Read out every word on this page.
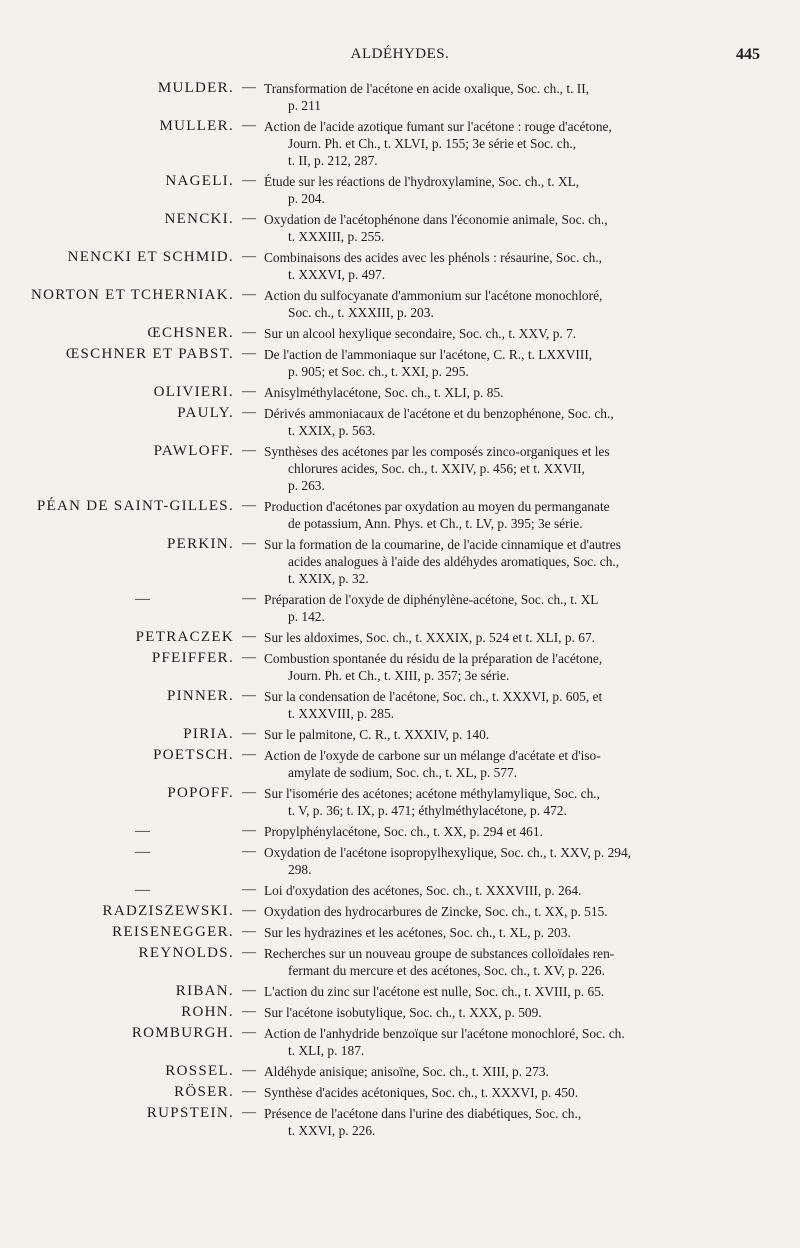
ALDÉHYDES.	445
MULDER. — Transformation de l'acétone en acide oxalique, Soc. ch., t. II,
p. 211
MULLER. — Action de l'acide azotique fumant sur l'acétone : rouge d'acétone,
Journ. Ph. et Ch., t. XLVI, p. 155; 3e série et Soc. ch.,
t. II, p. 212, 287.
NAGELI. — Étude sur les réactions de l'hydroxylamine, Soc. ch., t. XL,
p. 204.
NENCKI. — Oxydation de l'acétophénone dans l'économie animale, Soc. ch.,
t. XXXIII, p. 255.
NENCKI ET SCHMID. — Combinaisons des acides avec les phénols : résaurine, Soc. ch.,
t. XXXVI, p. 497.
NORTON ET TCHERNIAK. — Action du sulfocyanate d'ammonium sur l'acétone monochloré,
Soc. ch., t. XXXIII, p. 203.
ŒCHSNER. — Sur un alcool hexylique secondaire, Soc. ch., t. XXV, p. 7.
ŒSCHNER ET PABST. — De l'action de l'ammoniaque sur l'acétone, C. R., t. LXXVIII,
p. 905; et Soc. ch., t. XXI, p. 295.
OLIVIERI. — Anisylméthylacétone, Soc. ch., t. XLI, p. 85.
PAULY. — Dérivés ammoniacaux de l'acétone et du benzophénone, Soc. ch.,
t. XXIX, p. 563.
PAWLOFF. — Synthèses des acétones par les composés zinco-organiques et les
chlorures acides, Soc. ch., t. XXIV, p. 456; et t. XXVII,
p. 263.
PÉAN DE SAINT-GILLES. — Production d'acétones par oxydation au moyen du permanganate
de potassium, Ann. Phys. et Ch., t. LV, p. 395; 3e série.
PERKIN. — Sur la formation de la coumarine, de l'acide cinnamique et d'autres
acides analogues à l'aide des aldéhydes aromatiques, Soc. ch.,
t. XXIX, p. 32.
—	— Préparation de l'oxyde de diphénylène-acétone, Soc. ch., t. XL
p. 142.
PETRACZEK — Sur les aldoximes, Soc. ch., t. XXXIX, p. 524 et t. XLI, p. 67.
PFEIFFER. — Combustion spontanée du résidu de la préparation de l'acétone,
Journ. Ph. et Ch., t. XIII, p. 357; 3e série.
PINNER. — Sur la condensation de l'acétone, Soc. ch., t. XXXVI, p. 605, et
t. XXXVIII, p. 285.
PIRIA. — Sur le palmitone, C. R., t. XXXIV, p. 140.
POETSCH. — Action de l'oxyde de carbone sur un mélange d'acétate et d'iso-
amylate de sodium, Soc. ch., t. XL, p. 577.
POPOFF. — Sur l'isomérie des acétones; acétone méthylamylique, Soc. ch.,
t. V, p. 36; t. IX, p. 471; éthylméthylacétone, p. 472.
—	— Propylphénylacétone, Soc. ch., t. XX, p. 294 et 461.
—	— Oxydation de l'acétone isopropylhexylique, Soc. ch., t. XXV, p. 294,
298.
—	— Loi d'oxydation des acétones, Soc. ch., t. XXXVIII, p. 264.
RADZISZEWSKI. — Oxydation des hydrocarbures de Zincke, Soc. ch., t. XX, p. 515.
REISENEGGER. — Sur les hydrazines et les acétones, Soc. ch., t. XL, p. 203.
REYNOLDS. — Recherches sur un nouveau groupe de substances colloïdales ren-
fermant du mercure et des acétones, Soc. ch., t. XV, p. 226.
RIBAN. — L'action du zinc sur l'acétone est nulle, Soc. ch., t. XVIII, p. 65.
ROHN. — Sur l'acétone isobutylique, Soc. ch., t. XXX, p. 509.
ROMBURGH. — Action de l'anhydride benzoïque sur l'acétone monochloré, Soc. ch.
t. XLI, p. 187.
ROSSEL. — Aldéhyde anisique; anisoïne, Soc. ch., t. XIII, p. 273.
RÖSER. — Synthèse d'acides acétoniques, Soc. ch., t. XXXVI, p. 450.
RUPSTEIN. — Présence de l'acétone dans l'urine des diabétiques, Soc. ch.,
t. XXVI, p. 226.
